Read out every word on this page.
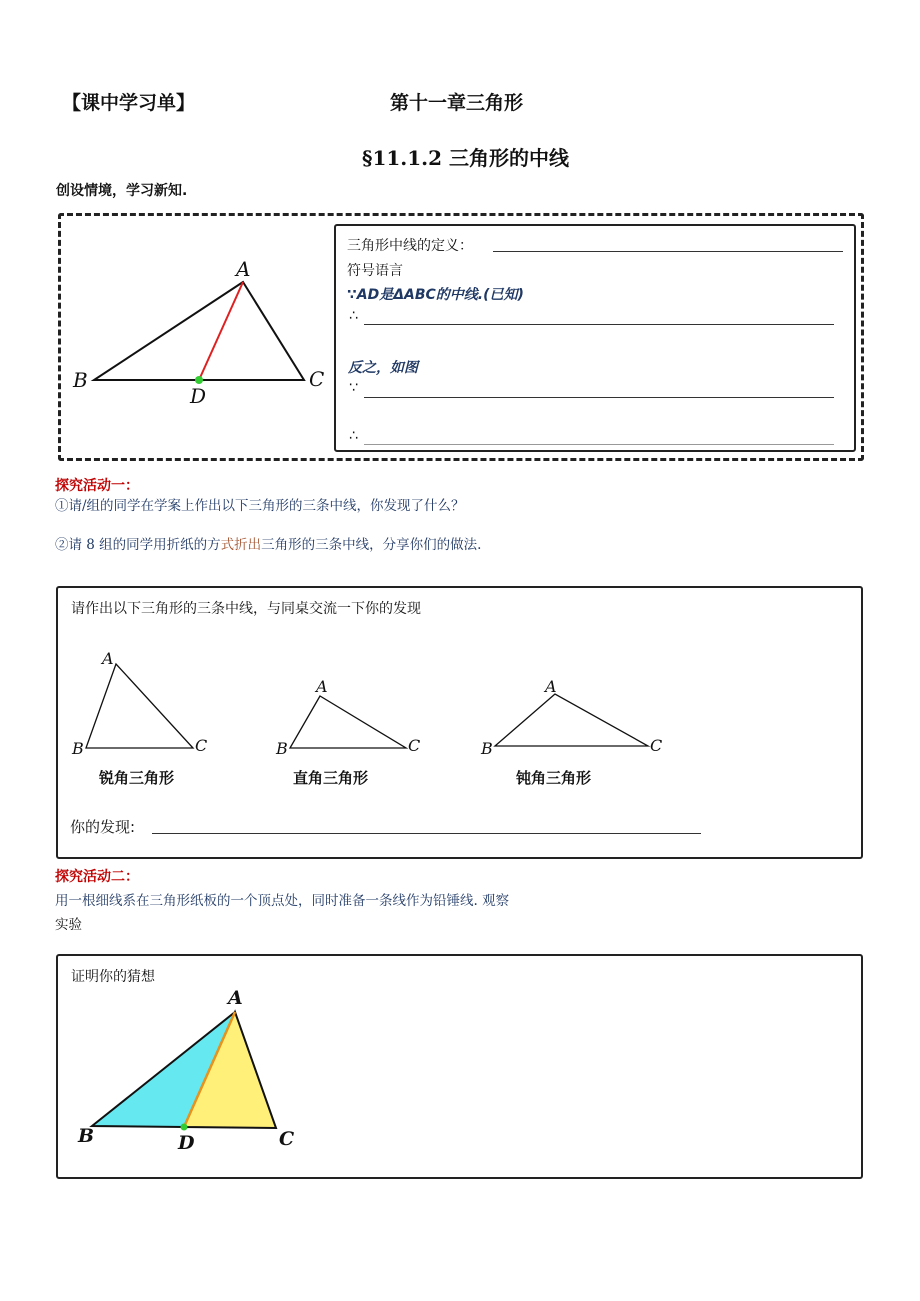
【课中学习单】	第十一章三角形
§11.1.2 三角形的中线
创设情境，学习新知.
A
B	C
D
三角形中线的定义：
符号语言
∵AD是ΔABC的中线.(已知)
∴
反之，如图
∵
∴
探究活动一：
①请/组的同学在学案上作出以下三角形的三条中线，你发现了什么？
②请 8 组的同学用折纸的方式折出三角形的三条中线，分享你们的做法.
请作出以下三角形的三条中线，与同桌交流一下你的发现
A
B	C
锐角三角形
A
B	C
直角三角形
A
B	C
钝角三角形
你的发现:
探究活动二：
用一根细线系在三角形纸板的一个顶点处，同时准备一条线作为铅锤线. 观察
实验
证明你的猜想
A
B	C
D
